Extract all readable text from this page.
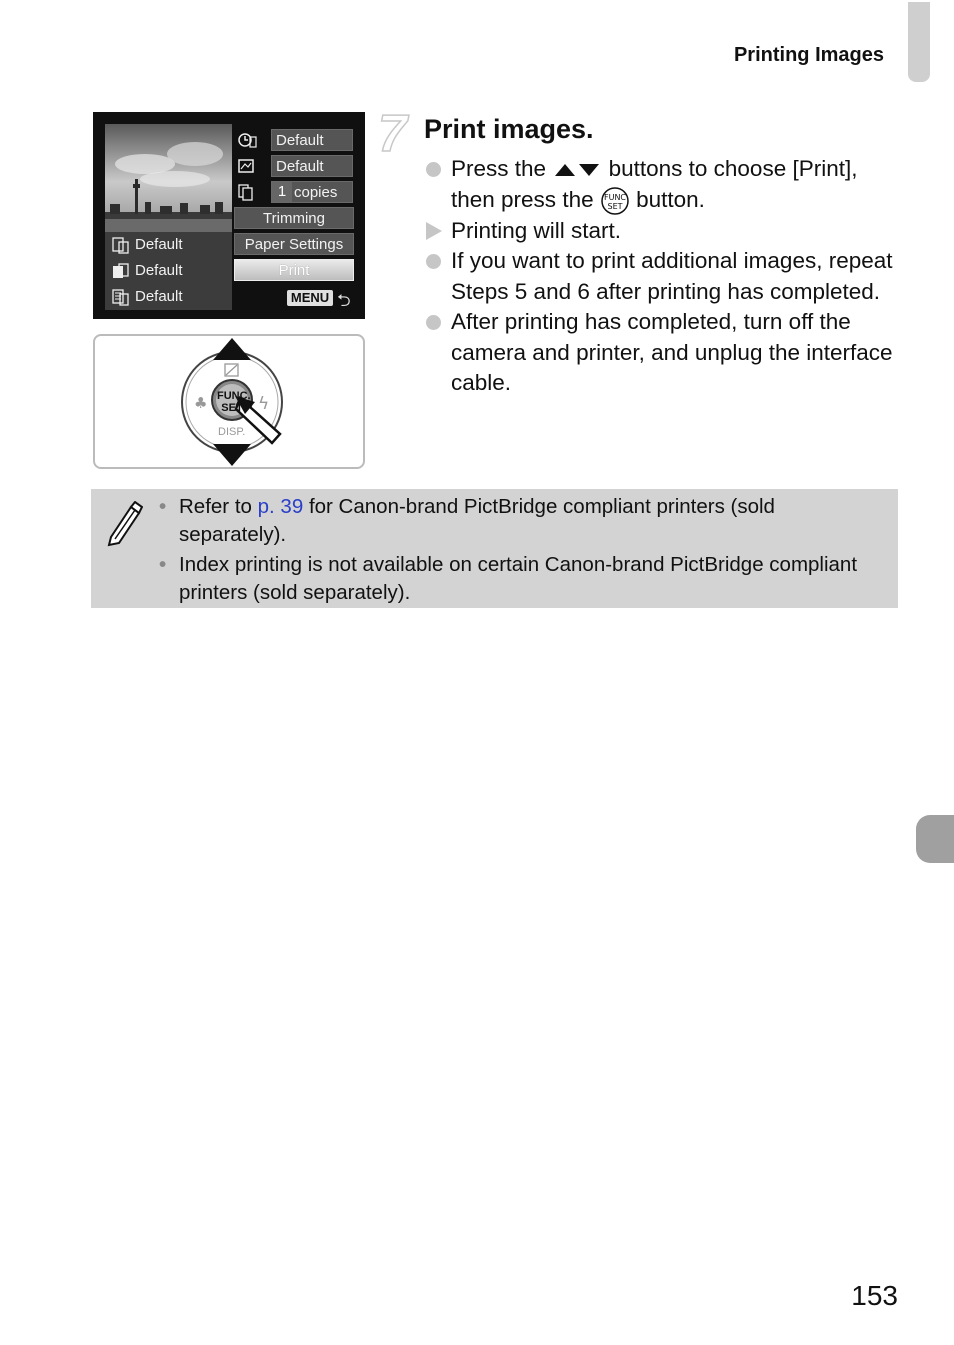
Printing Images
Default
Default
1 copies
Trimming
Paper Settings
Print
Default
Default
Default	MENU ⮌
♣	ϟ
FUNC.
SET
DISP.
7 Print images.
Press the	buttons to choose [Print], then press the FUNC
SET button.
Printing will start.
If you want to print additional images, repeat Steps 5 and 6 after printing has completed.
After printing has completed, turn off the camera and printer, and unplug the interface cable.
• Refer to p. 39 for Canon-brand PictBridge compliant printers (sold separately).
• Index printing is not available on certain Canon-brand PictBridge compliant printers (sold separately).
153
